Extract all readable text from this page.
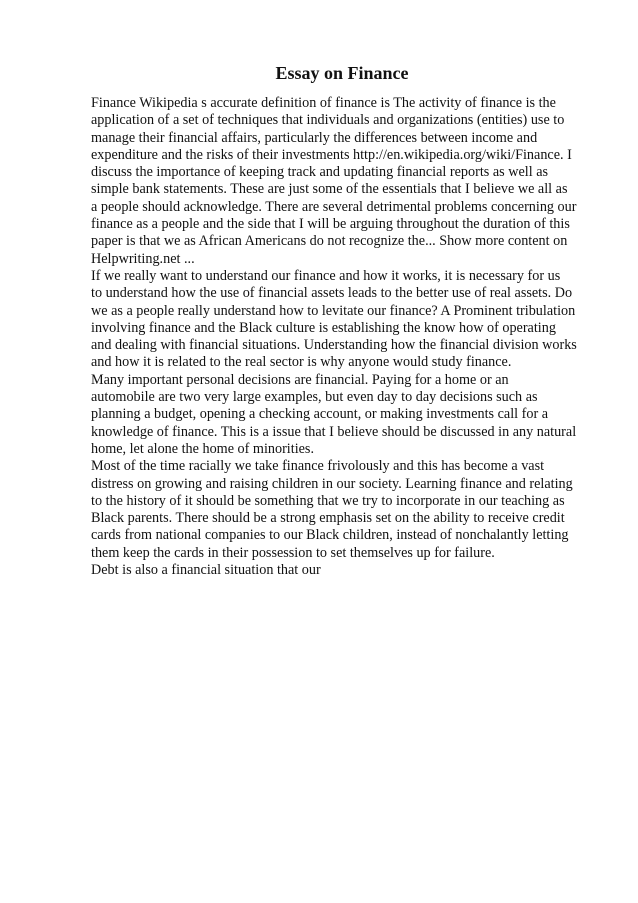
Essay on Finance
Finance Wikipedia s accurate definition of finance is The activity of finance is the
application of a set of techniques that individuals and organizations (entities) use to
manage their financial affairs, particularly the differences between income and
expenditure and the risks of their investments http://en.wikipedia.org/wiki/Finance. I
discuss the importance of keeping track and updating financial reports as well as
simple bank statements. These are just some of the essentials that I believe we all as
a people should acknowledge. There are several detrimental problems concerning our
finance as a people and the side that I will be arguing throughout the duration of this
paper is that we as African Americans do not recognize the... Show more content on
Helpwriting.net ...
If we really want to understand our finance and how it works, it is necessary for us
to understand how the use of financial assets leads to the better use of real assets. Do
we as a people really understand how to levitate our finance? A Prominent tribulation
involving finance and the Black culture is establishing the know how of operating
and dealing with financial situations. Understanding how the financial division works
and how it is related to the real sector is why anyone would study finance.
Many important personal decisions are financial. Paying for a home or an
automobile are two very large examples, but even day to day decisions such as
planning a budget, opening a checking account, or making investments call for a
knowledge of finance. This is a issue that I believe should be discussed in any natural
home, let alone the home of minorities.
Most of the time racially we take finance frivolously and this has become a vast
distress on growing and raising children in our society. Learning finance and relating
to the history of it should be something that we try to incorporate in our teaching as
Black parents. There should be a strong emphasis set on the ability to receive credit
cards from national companies to our Black children, instead of nonchalantly letting
them keep the cards in their possession to set themselves up for failure.
Debt is also a financial situation that our
